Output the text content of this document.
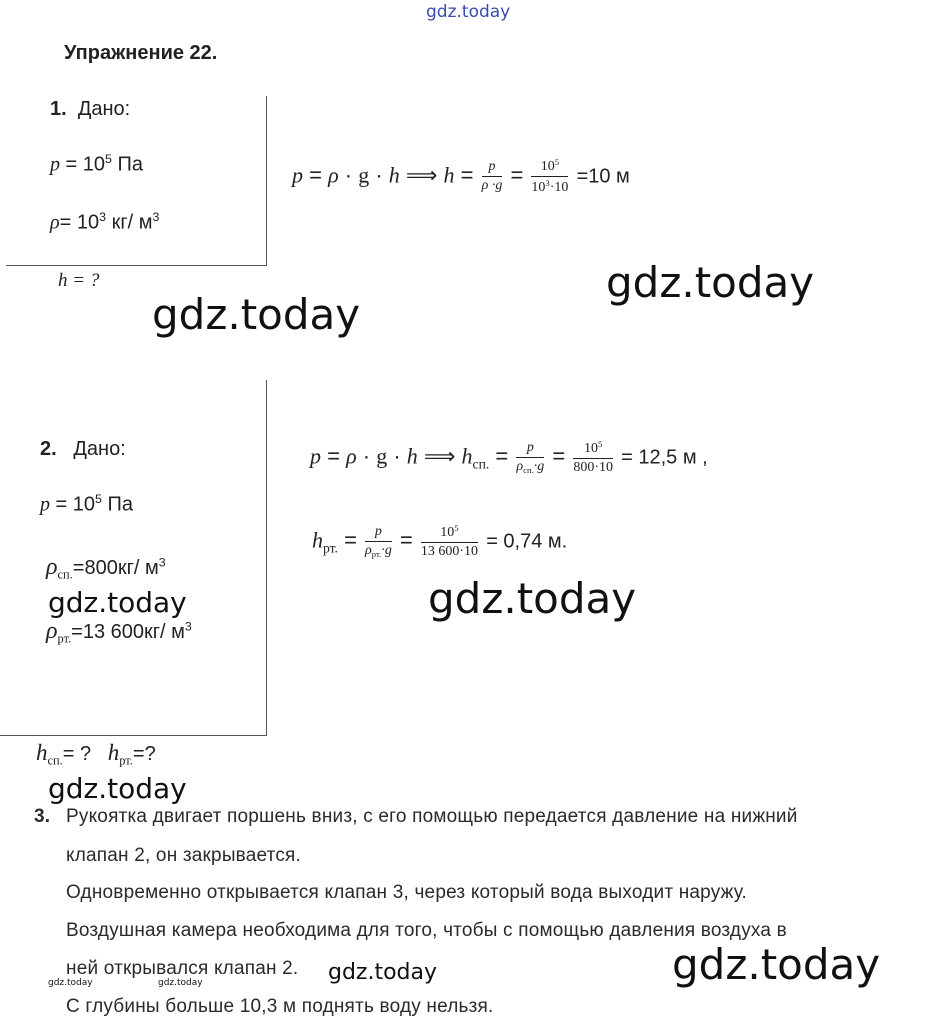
gdz.today
Упражнение 22.
1. Дано:
$p = 10^5$ Па
$\rho= 10^3$ кг/ $м^3$
h = ?
p = ρ · g · h ⟹ $h = \frac{p}{\rho \cdot g} = \frac{10^5}{10^3\cdot 10} =10$ м
gdz.today
gdz.today
2. Дано:
$p = 10^5$ Па
$\rho_{сп.}=800кг/$ $м^3$
gdz.today
$\rho_{рт.}=13$ 600кг/ $м^3$
$h_{сп.}=$ ? $h_{рт.}=$?
p = ρ · g · h ⟹ $h_{сп.} = \frac{p}{\rho_{сп.}\cdot g} = \frac{10^5}{800\cdot 10} = 12,5$ м ,
$h_{рт.} = \frac{p}{\rho_{рт.}\cdot g} = \frac{10^5}{13 600\cdot 10} = 0,74$ м.
gdz.today
gdz.today
3. Рукоятка двигает поршень вниз, с его помощью передается давление на нижний
клапан 2, он закрывается.
Одновременно открывается клапан 3, через который вода выходит наружу.
Воздушная камера необходима для того, чтобы с помощью давления воздуха в
ней открывался клапан 2.
С глубины больше 10,3 м поднять воду нельзя.
gdz.today	gdz.today
gdz.today	gdz.today
